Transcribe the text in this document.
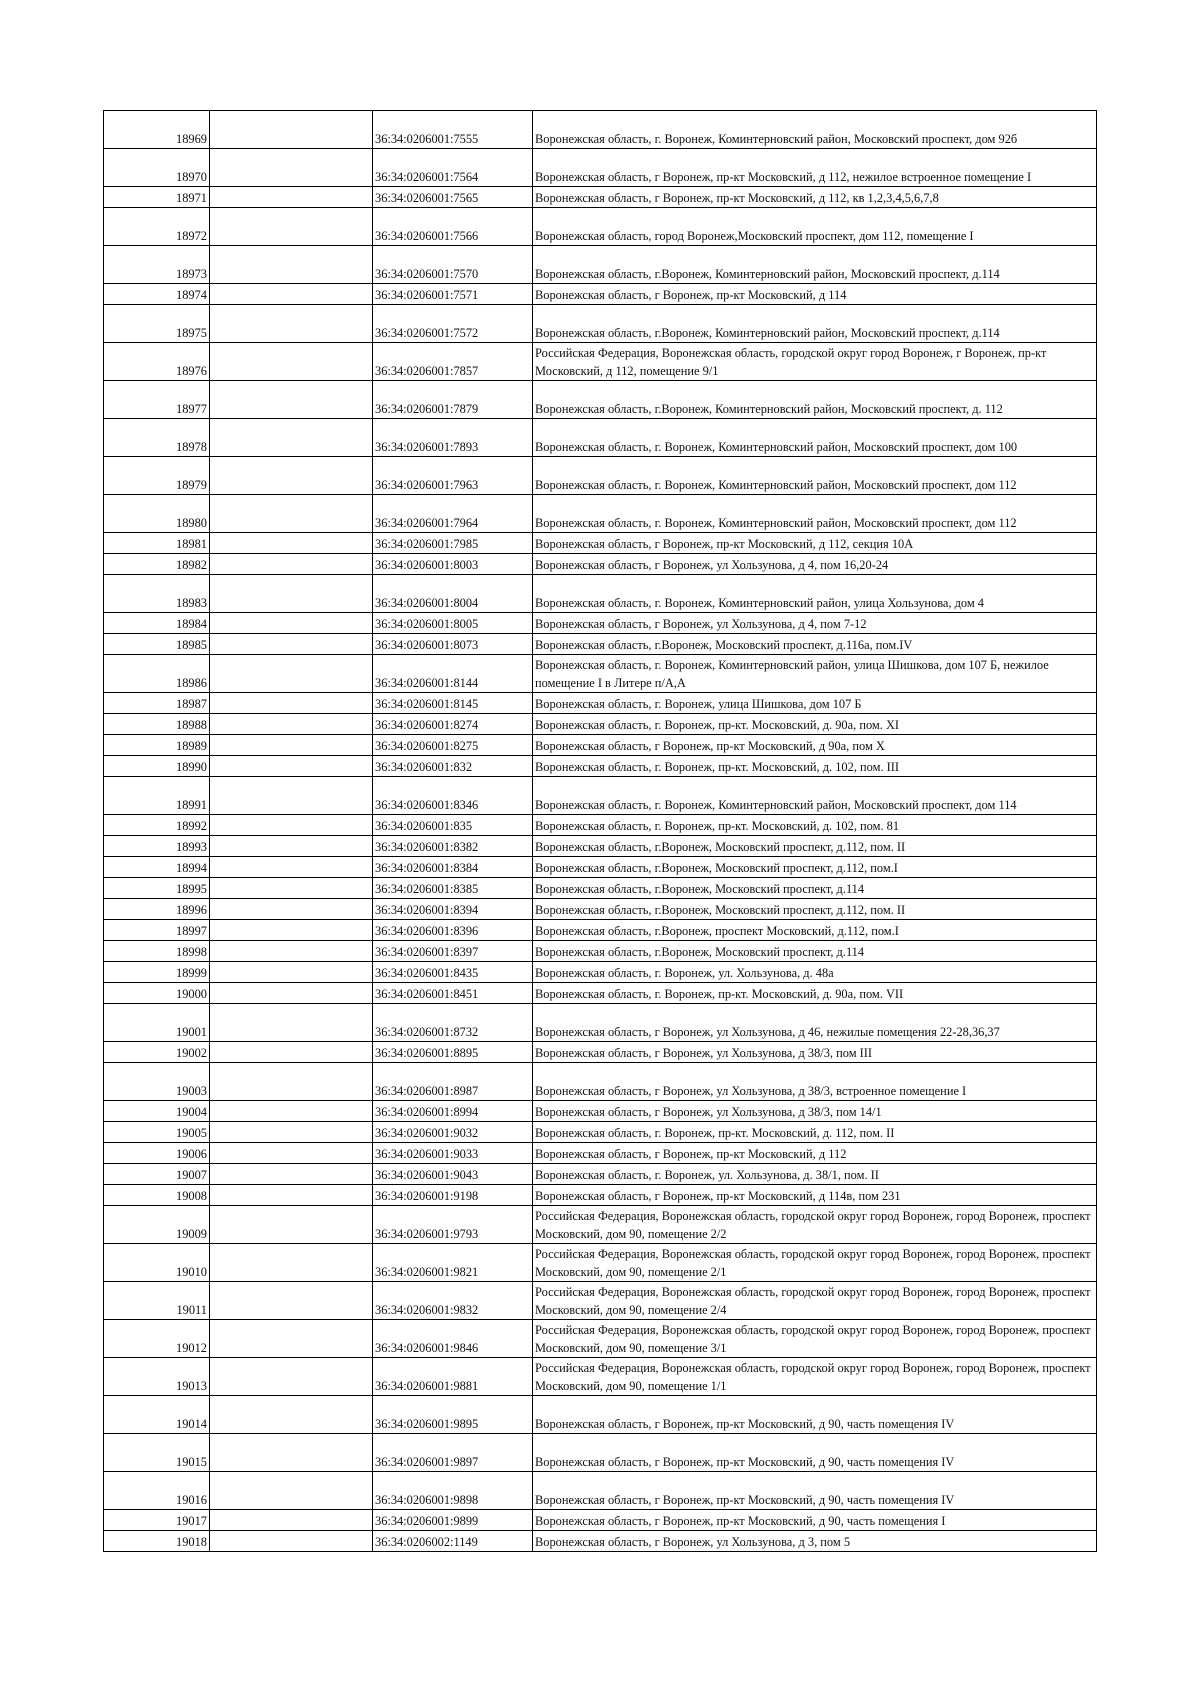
18969		36:34:0206001:7555	Воронежская область, г. Воронеж, Коминтерновский район, Московский проспект, дом 92б
18970		36:34:0206001:7564	Воронежская область, г Воронеж, пр-кт Московский, д 112, нежилое встроенное помещение I
18971		36:34:0206001:7565	Воронежская область, г Воронеж, пр-кт Московский, д 112, кв 1,2,3,4,5,6,7,8
18972		36:34:0206001:7566	Воронежская область, город Воронеж,Московский проспект, дом 112, помещение I
18973		36:34:0206001:7570	Воронежская область, г.Воронеж, Коминтерновский район, Московский проспект, д.114
18974		36:34:0206001:7571	Воронежская область, г Воронеж, пр-кт Московский, д 114
18975		36:34:0206001:7572	Воронежская область, г.Воронеж, Коминтерновский район, Московский проспект, д.114
18976		36:34:0206001:7857	Российская Федерация, Воронежская область, городской округ город Воронеж, г Воронеж, пр-кт Московский, д 112, помещение 9/1
18977		36:34:0206001:7879	Воронежская область, г.Воронеж, Коминтерновский район, Московский проспект, д. 112
18978		36:34:0206001:7893	Воронежская область, г. Воронеж, Коминтерновский район, Московский проспект, дом 100
18979		36:34:0206001:7963	Воронежская область, г. Воронеж, Коминтерновский район, Московский проспект, дом 112
18980		36:34:0206001:7964	Воронежская область, г. Воронеж, Коминтерновский район, Московский проспект, дом 112
18981		36:34:0206001:7985	Воронежская область, г Воронеж, пр-кт Московский, д 112, секция 10А
18982		36:34:0206001:8003	Воронежская область, г Воронеж, ул Хользунова, д 4, пом 16,20-24
18983		36:34:0206001:8004	Воронежская область, г. Воронеж, Коминтерновский район, улица Хользунова, дом 4
18984		36:34:0206001:8005	Воронежская область, г Воронеж, ул Хользунова, д 4, пом 7-12
18985		36:34:0206001:8073	Воронежская область, г.Воронеж, Московский проспект, д.116а, пом.IV
18986		36:34:0206001:8144	Воронежская область, г. Воронеж, Коминтерновский район, улица Шишкова, дом 107 Б, нежилое помещение I в Литере п/А,А
18987		36:34:0206001:8145	Воронежская область, г. Воронеж, улица Шишкова, дом 107 Б
18988		36:34:0206001:8274	Воронежская область, г. Воронеж, пр-кт. Московский, д. 90а, пом. XI
18989		36:34:0206001:8275	Воронежская область, г Воронеж, пр-кт Московский, д 90а, пом X
18990		36:34:0206001:832	Воронежская область, г. Воронеж, пр-кт. Московский, д. 102, пом. III
18991		36:34:0206001:8346	Воронежская область, г. Воронеж, Коминтерновский район, Московский проспект, дом 114
18992		36:34:0206001:835	Воронежская область, г. Воронеж, пр-кт. Московский, д. 102, пом. 81
18993		36:34:0206001:8382	Воронежская область, г.Воронеж, Московский проспект, д.112, пом. II
18994		36:34:0206001:8384	Воронежская область, г.Воронеж, Московский проспект, д.112, пом.I
18995		36:34:0206001:8385	Воронежская область, г.Воронеж, Московский проспект, д.114
18996		36:34:0206001:8394	Воронежская область, г.Воронеж, Московский проспект, д.112, пом. II
18997		36:34:0206001:8396	Воронежская область, г.Воронеж, проспект Московский, д.112, пом.I
18998		36:34:0206001:8397	Воронежская область, г.Воронеж, Московский проспект, д.114
18999		36:34:0206001:8435	Воронежская область, г. Воронеж, ул. Хользунова, д. 48а
19000		36:34:0206001:8451	Воронежская область, г. Воронеж, пр-кт. Московский, д. 90а, пом. VII
19001		36:34:0206001:8732	Воронежская область, г Воронеж, ул Хользунова, д 46, нежилые помещения 22-28,36,37
19002		36:34:0206001:8895	Воронежская область, г Воронеж, ул Хользунова, д 38/3, пом III
19003		36:34:0206001:8987	Воронежская область, г Воронеж, ул Хользунова, д 38/3, встроенное помещение I
19004		36:34:0206001:8994	Воронежская область, г Воронеж, ул Хользунова, д 38/3, пом 14/1
19005		36:34:0206001:9032	Воронежская область, г. Воронеж, пр-кт. Московский, д. 112, пом. II
19006		36:34:0206001:9033	Воронежская область, г Воронеж, пр-кт Московский, д 112
19007		36:34:0206001:9043	Воронежская область, г. Воронеж, ул. Хользунова, д. 38/1, пом. II
19008		36:34:0206001:9198	Воронежская область, г Воронеж, пр-кт Московский, д 114в, пом 231
19009		36:34:0206001:9793	Российская Федерация, Воронежская область, городской округ город Воронеж, город Воронеж, проспект Московский, дом 90, помещение 2/2
19010		36:34:0206001:9821	Российская Федерация, Воронежская область, городской округ город Воронеж, город Воронеж, проспект Московский, дом 90, помещение 2/1
19011		36:34:0206001:9832	Российская Федерация, Воронежская область, городской округ город Воронеж, город Воронеж, проспект Московский, дом 90, помещение 2/4
19012		36:34:0206001:9846	Российская Федерация, Воронежская область, городской округ город Воронеж, город Воронеж, проспект Московский, дом 90, помещение 3/1
19013		36:34:0206001:9881	Российская Федерация, Воронежская область, городской округ город Воронеж, город Воронеж, проспект Московский, дом 90, помещение 1/1
19014		36:34:0206001:9895	Воронежская область, г Воронеж, пр-кт Московский, д 90, часть помещения IV
19015		36:34:0206001:9897	Воронежская область, г Воронеж, пр-кт Московский, д 90, часть помещения IV
19016		36:34:0206001:9898	Воронежская область, г Воронеж, пр-кт Московский, д 90, часть помещения IV
19017		36:34:0206001:9899	Воронежская область, г Воронеж, пр-кт Московский, д 90, часть помещения I
19018		36:34:0206002:1149	Воронежская область, г Воронеж, ул Хользунова, д 3, пом 5
